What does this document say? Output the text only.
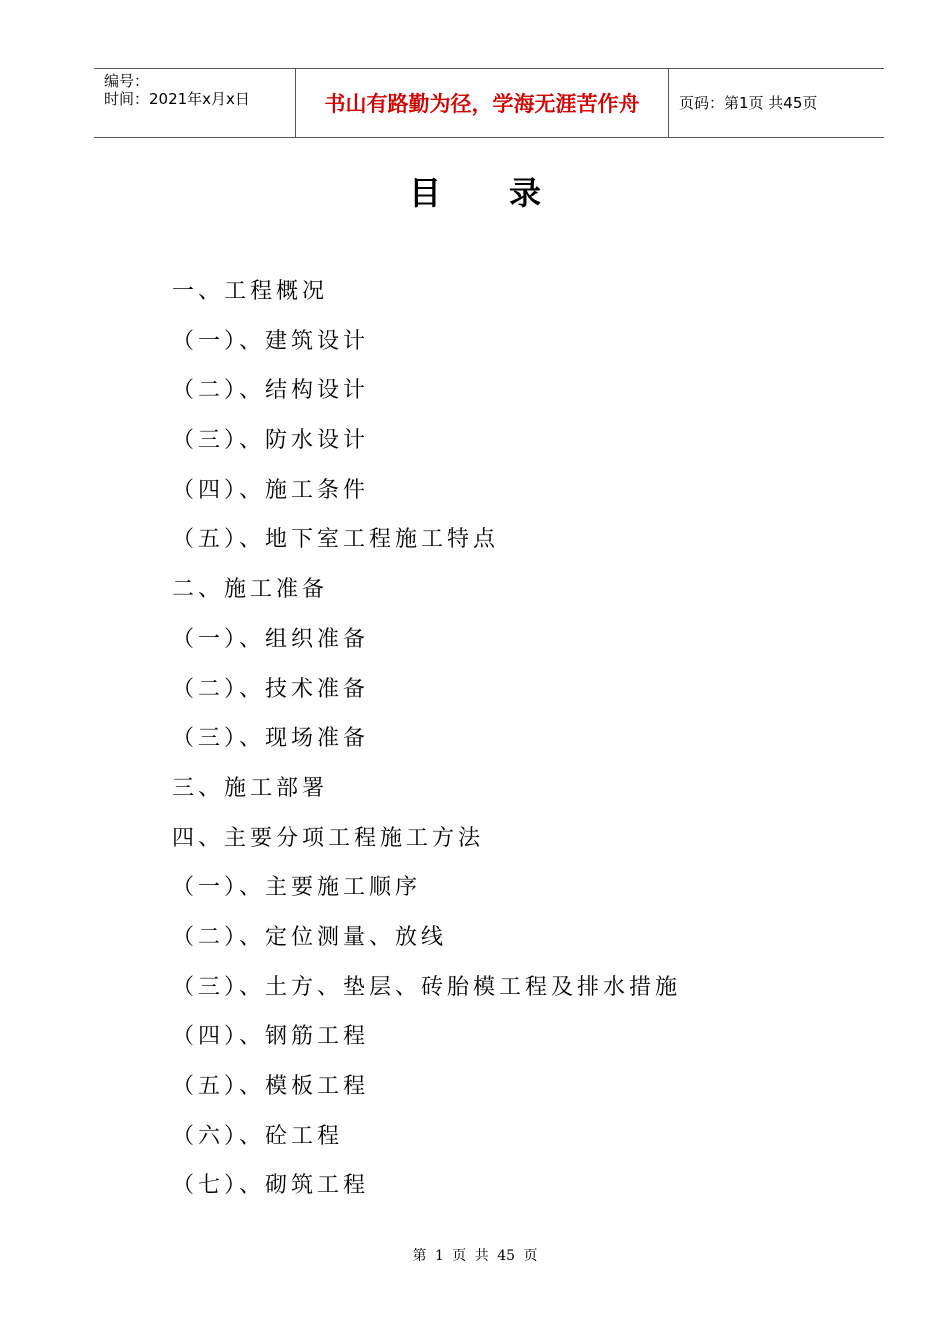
编号：
时间：2021年x月x日	书山有路勤为径，学海无涯苦作舟	页码：第1页 共45页
目录
一、工程概况
（一）、建筑设计
（二）、结构设计
（三）、防水设计
（四）、施工条件
（五）、地下室工程施工特点
二、施工准备
（一）、组织准备
（二）、技术准备
（三）、现场准备
三、施工部署
四、主要分项工程施工方法
（一）、主要施工顺序
（二）、定位测量、放线
（三）、土方、垫层、砖胎模工程及排水措施
（四）、钢筋工程
（五）、模板工程
（六）、砼工程
（七）、砌筑工程
第 1 页 共 45 页
